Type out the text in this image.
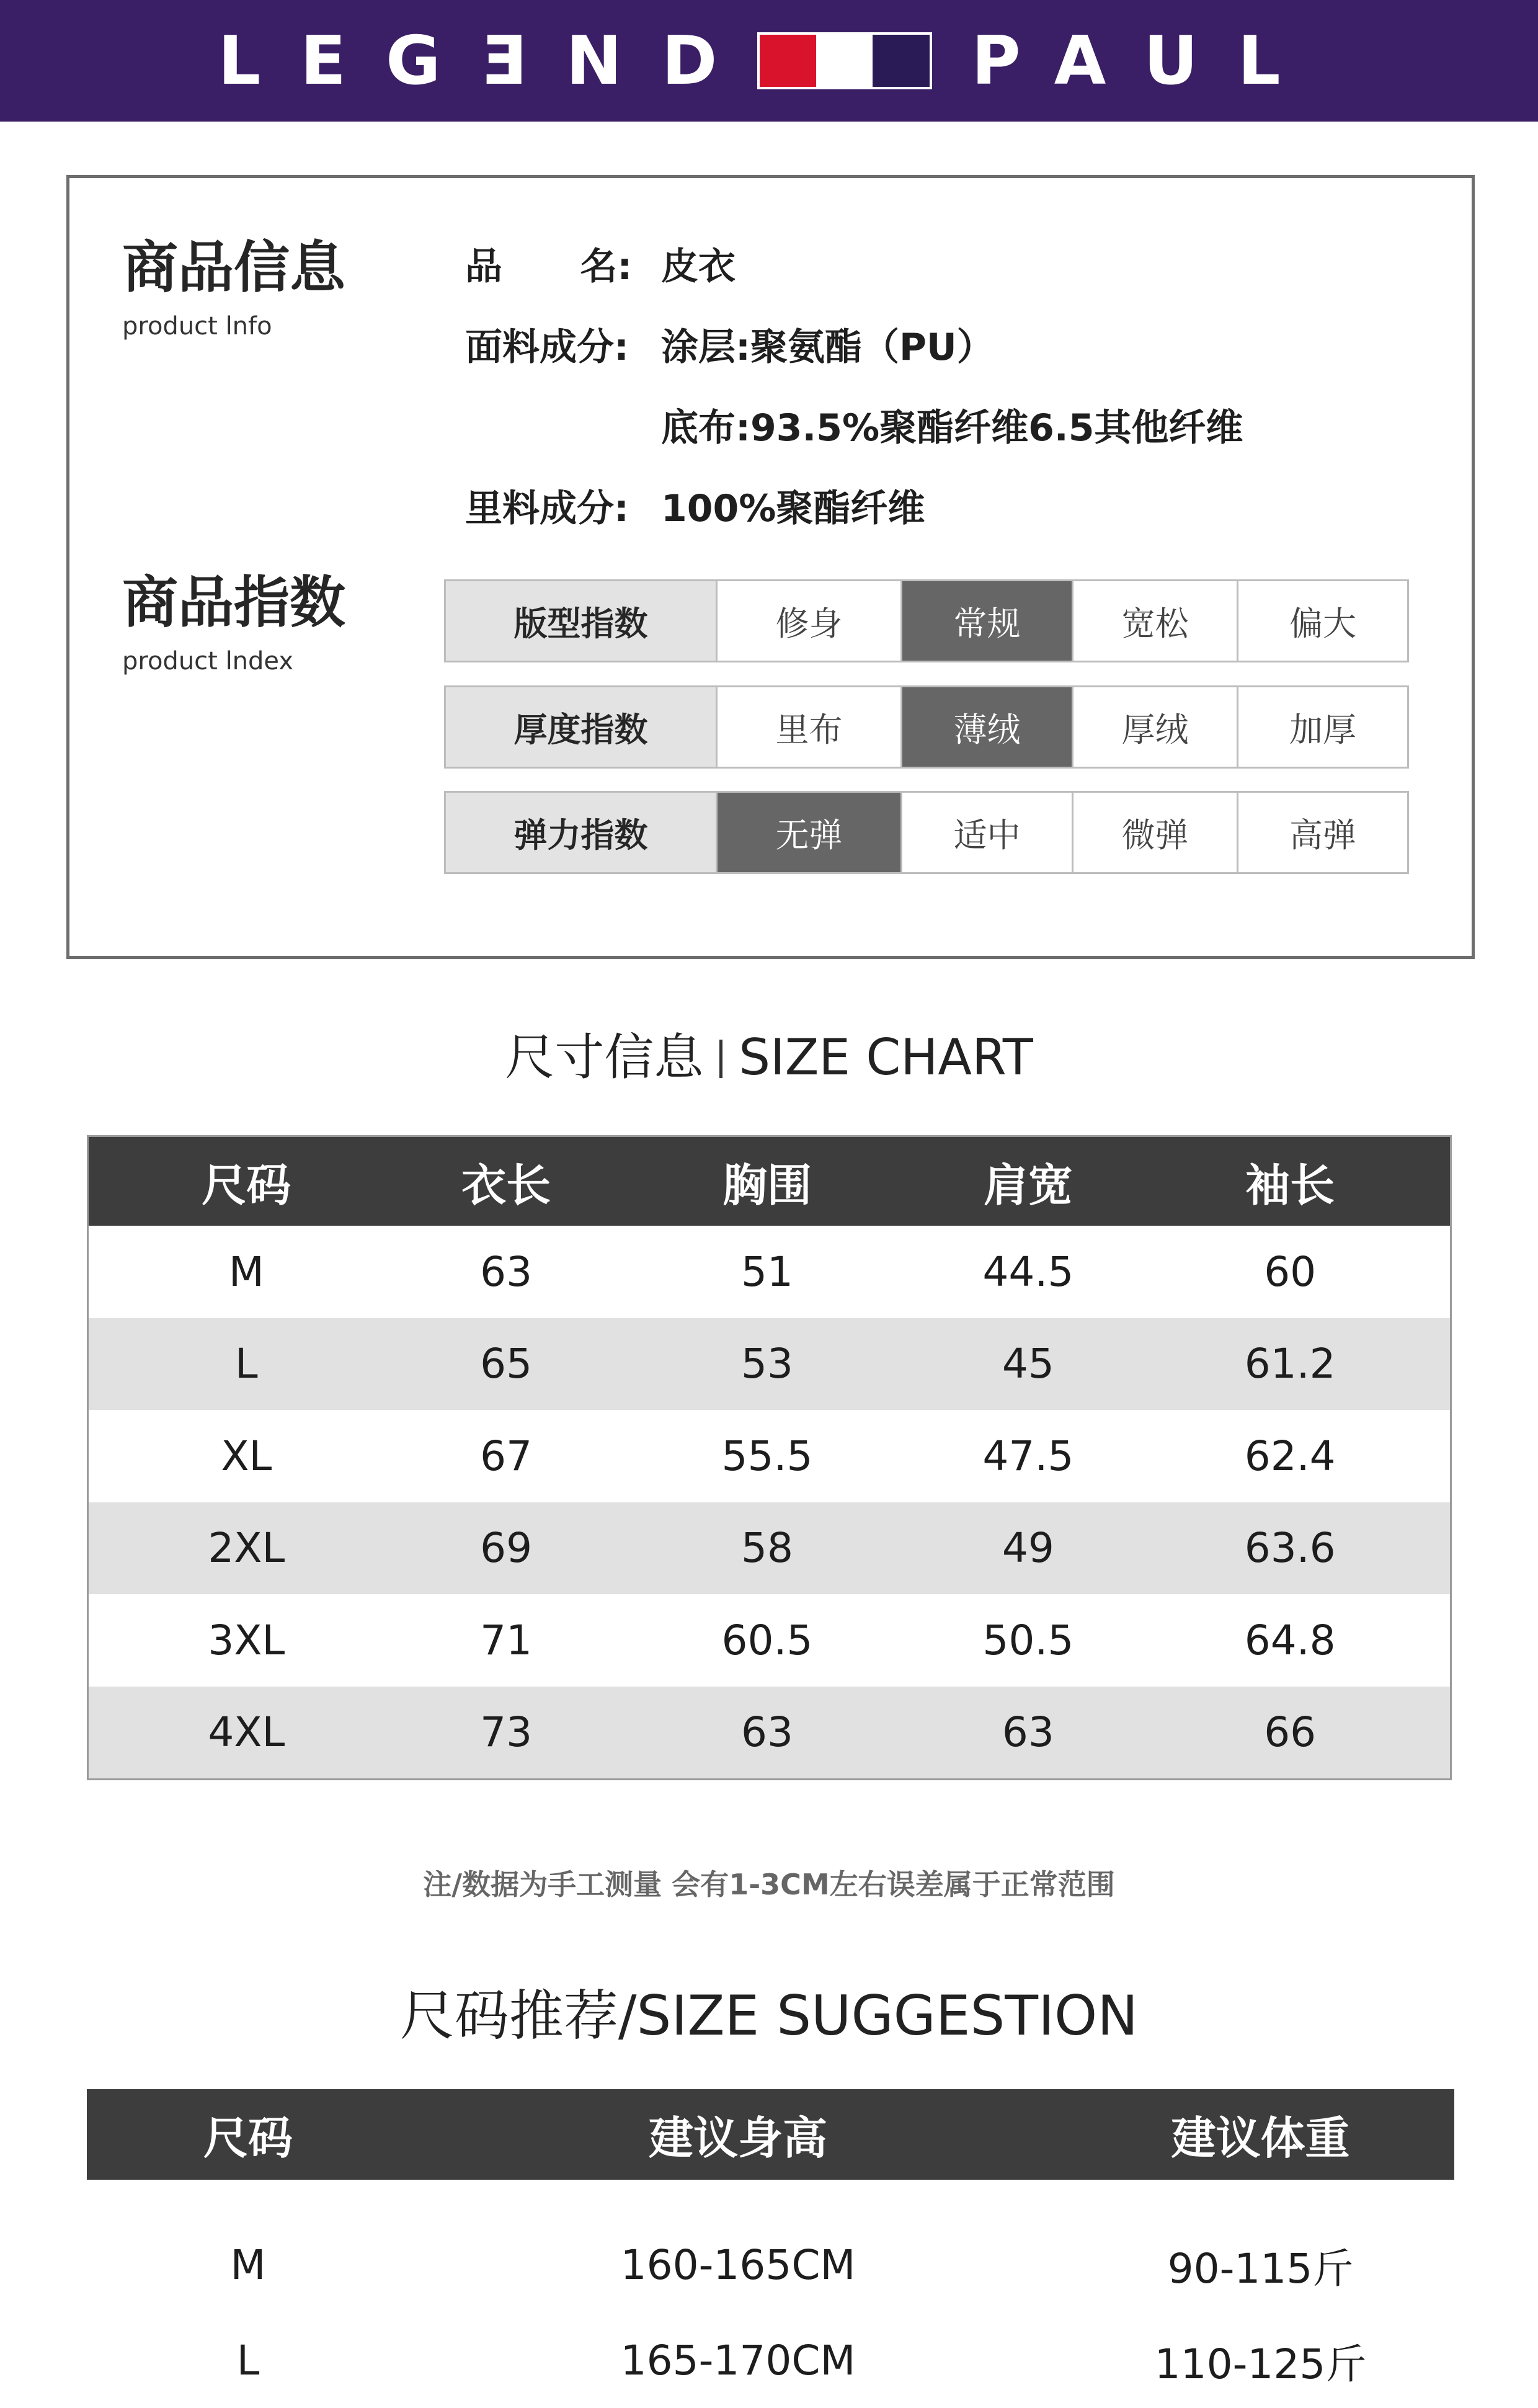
LEGƎND	PAUL
商品信息
product lnfo
品      名: 皮衣
面料成分: 涂层:聚氨酯（PU）
底布:93.5%聚酯纤维6.5其他纤维
里料成分: 100%聚酯纤维
商品指数
product lndex
版型指数	修身	常规	宽松	偏大
厚度指数	里布	薄绒	厚绒	加厚
弹力指数	无弹	适中	微弹	高弹
尺寸信息 SIZE CHART
尺码	衣长	胸围	肩宽	袖长
M	63	51	44.5	60
L	65	53	45	61.2
XL	67	55.5	47.5	62.4
2XL	69	58	49	63.6
3XL	71	60.5	50.5	64.8
4XL	73	63	63	66
注/数据为手工测量 会有1-3CM左右误差属于正常范围
尺码推荐/SIZE SUGGESTION
尺码	建议身高	建议体重
M	160-165CM	90-115斤
L	165-170CM	110-125斤
